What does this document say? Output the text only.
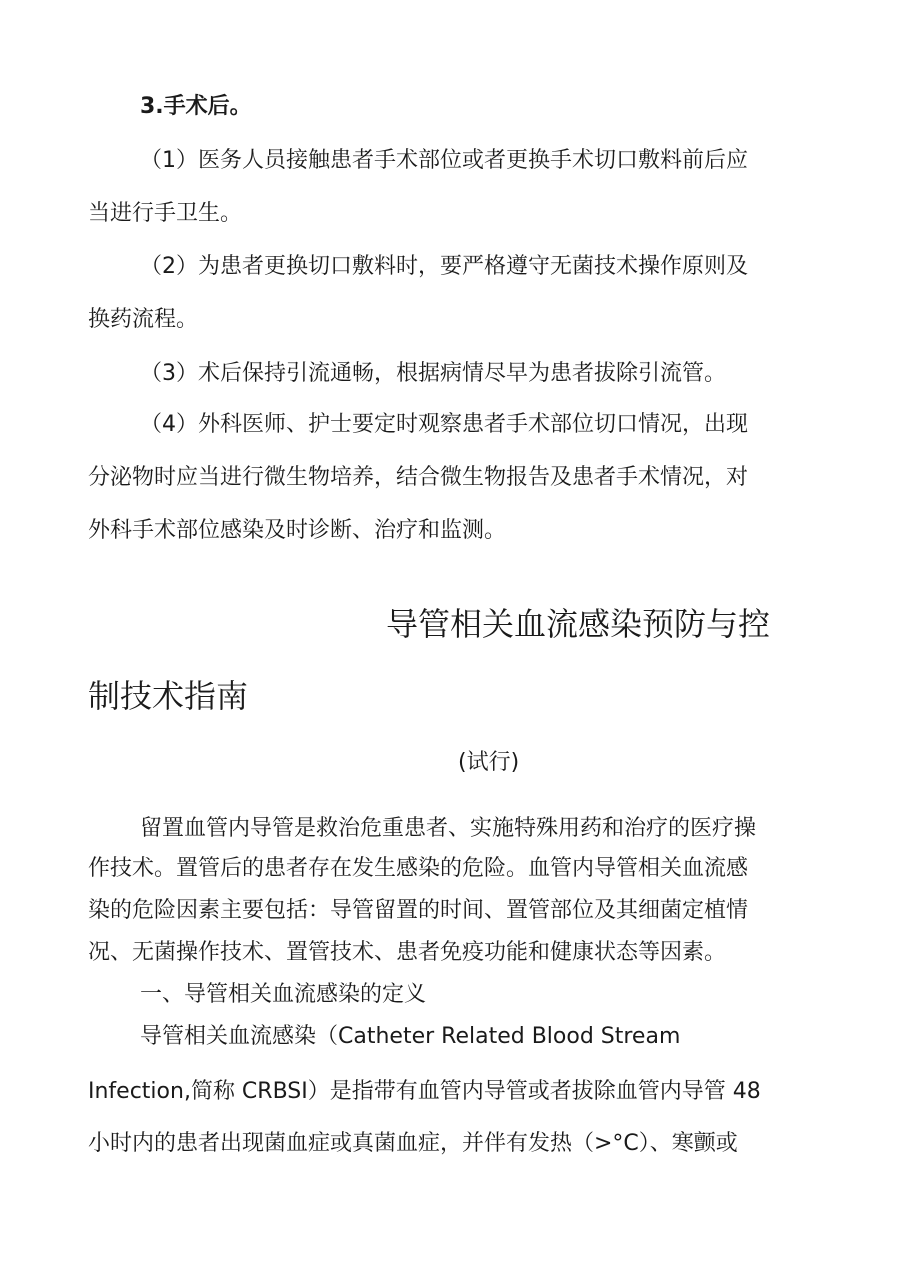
3.手术后。
（1）医务人员接触患者手术部位或者更换手术切口敷料前后应
当进行手卫生。
（2）为患者更换切口敷料时，要严格遵守无菌技术操作原则及
换药流程。
（3）术后保持引流通畅，根据病情尽早为患者拔除引流管。
（4）外科医师、护士要定时观察患者手术部位切口情况，出现
分泌物时应当进行微生物培养，结合微生物报告及患者手术情况，对
外科手术部位感染及时诊断、治疗和监测。
导管相关血流感染预防与控
制技术指南
(试行)
留置血管内导管是救治危重患者、实施特殊用药和治疗的医疗操
作技术。置管后的患者存在发生感染的危险。血管内导管相关血流感
染的危险因素主要包括：导管留置的时间、置管部位及其细菌定植情
况、无菌操作技术、置管技术、患者免疫功能和健康状态等因素。
一、导管相关血流感染的定义
导管相关血流感染（Catheter Related Blood Stream
Infection,简称 CRBSI）是指带有血管内导管或者拔除血管内导管 48
小时内的患者出现菌血症或真菌血症，并伴有发热（>°C）、寒颤或
